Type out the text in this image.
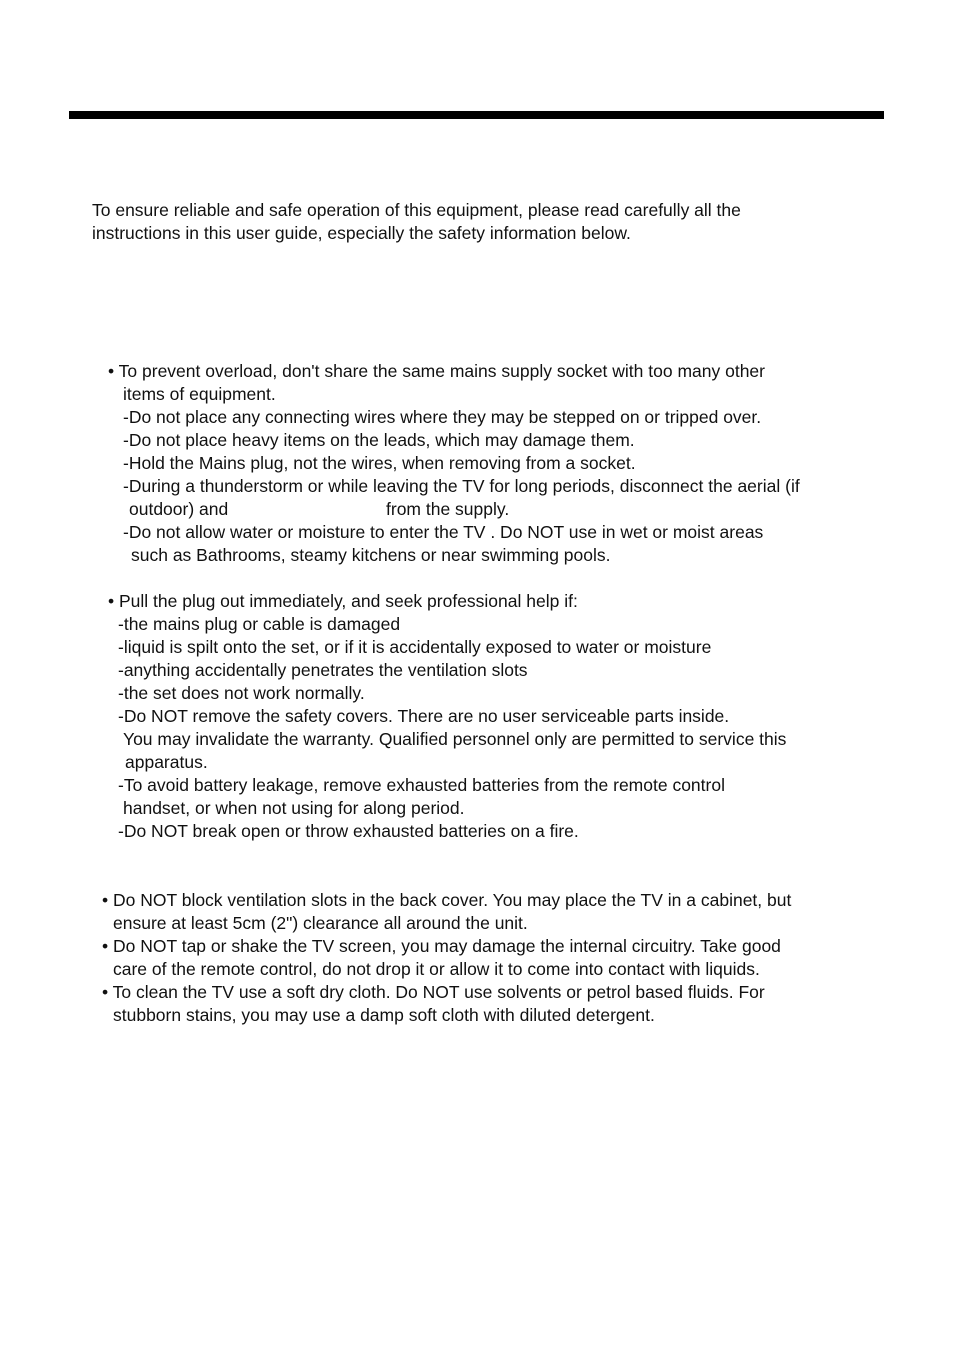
To ensure reliable and safe operation of this equipment, please read carefully all the
instructions in this user guide, especially the safety information below.
• To prevent overload, don't share the same mains supply socket with too many other
items of equipment.
-Do not place any connecting wires where they may be stepped on or tripped over.
-Do not place heavy items on the leads, which may damage them.
-Hold the Mains plug, not the wires, when removing from a socket.
-During a thunderstorm or while leaving the TV for long periods, disconnect the aerial (if
outdoor) and	from the supply.
-Do not allow water or moisture to enter the TV . Do NOT use in wet or moist areas
such as Bathrooms, steamy kitchens or near swimming pools.
• Pull the plug out immediately, and seek professional help if:
-the mains plug or cable is damaged
-liquid is spilt onto the set, or if it is accidentally exposed to water or moisture
-anything accidentally penetrates the ventilation slots
-the set does not work normally.
-Do NOT remove the safety covers. There are no user serviceable parts inside.
You may invalidate the warranty. Qualified personnel only are permitted to service this
apparatus.
-To avoid battery leakage, remove exhausted batteries from the remote control
handset, or when not using for along period.
-Do NOT break open or throw exhausted batteries on a fire.
• Do NOT block ventilation slots in the back cover. You may place the TV in a cabinet, but
ensure at least 5cm (2") clearance all around the unit.
• Do NOT tap or shake the TV screen, you may damage the internal circuitry. Take good
care of the remote control, do not drop it or allow it to come into contact with liquids.
• To clean the TV use a soft dry cloth. Do NOT use solvents or petrol based fluids. For
stubborn stains, you may use a damp soft cloth with diluted detergent.
